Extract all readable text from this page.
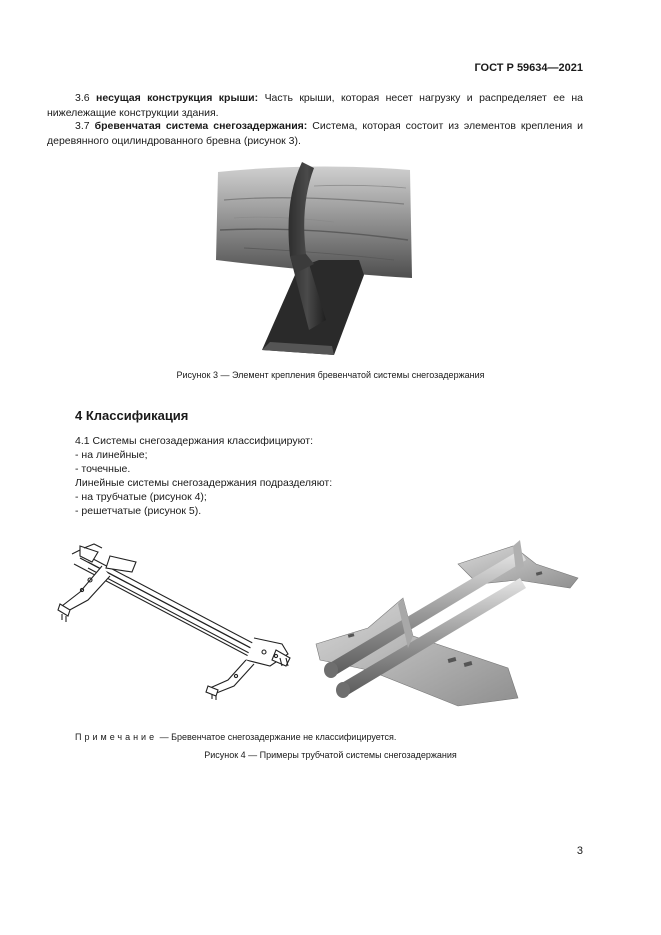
ГОСТ Р 59634—2021
3.6 несущая конструкция крыши: Часть крыши, которая несет нагрузку и распределяет ее на нижележащие конструкции здания.
3.7 бревенчатая система снегозадержания: Система, которая состоит из элементов крепления и деревянного оцилиндрованного бревна (рисунок 3).
Рисунок 3 — Элемент крепления бревенчатой системы снегозадержания
4 Классификация
4.1 Системы снегозадержания классифицируют:
- на линейные;
- точечные.
Линейные системы снегозадержания подразделяют:
- на трубчатые (рисунок 4);
- решетчатые (рисунок 5).
Примечание — Бревенчатое снегозадержание не классифицируется.
Рисунок 4 — Примеры трубчатой системы снегозадержания
3
